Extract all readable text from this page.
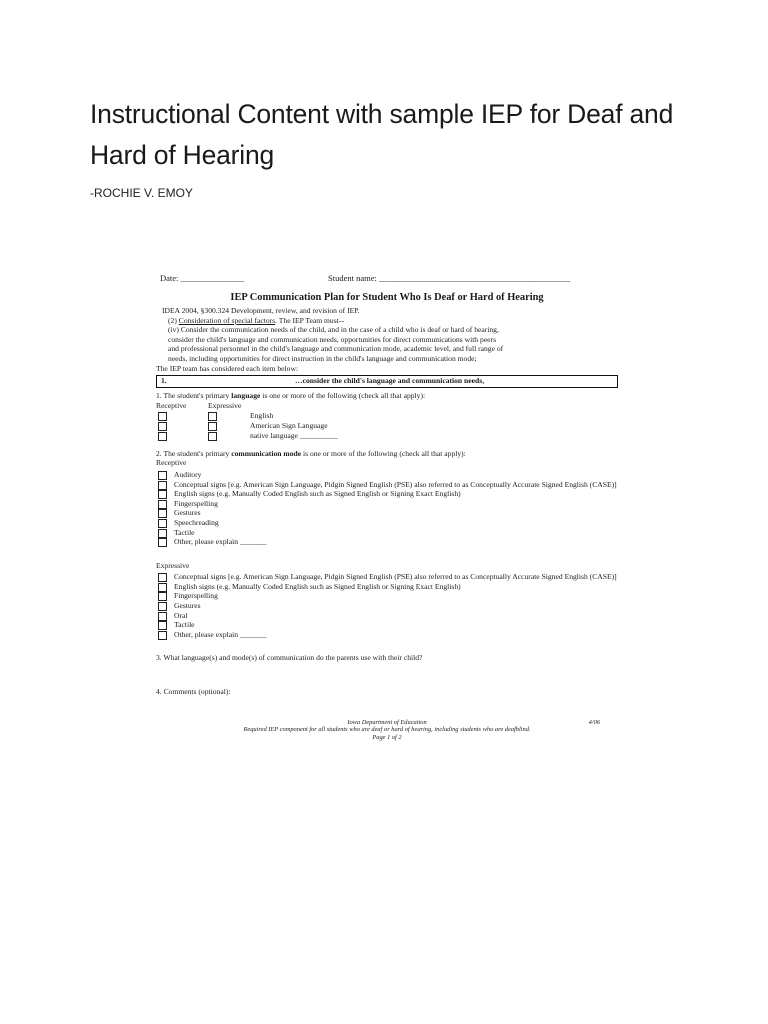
Instructional Content with sample IEP for Deaf and Hard of Hearing
-ROCHIE V. EMOY
Date: _______________	Student name: _____________________________________________
IEP Communication Plan for Student Who Is Deaf or Hard of Hearing

IDEA 2004, §300.324 Development, review, and revision of IEP.

(2) Consideration of special factors. The IEP Team must--

(iv) Consider the communication needs of the child, and in the case of a child who is deaf or hard of hearing,
consider the child's language and communication needs, opportunities for direct communications with peers
and professional personnel in the child's language and communication mode, academic level, and full range of
needs, including opportunities for direct instruction in the child's language and communication mode;

The IEP team has considered each item below:

1.	…consider the child's language and communication needs,

1. The student's primary language is one or more of the following (check all that apply):

Receptive	Expressive
English
American Sign Language
native language __________

2. The student's primary communication mode is one or more of the following (check all that apply):

Receptive

Auditory
Conceptual signs [e.g. American Sign Language, Pidgin Signed English (PSE) also referred to as Conceptually Accurate Signed English (CASE)]
English signs (e.g. Manually Coded English such as Signed English or Signing Exact English)
Fingerspelling
Gestures
Speechreading
Tactile
Other, please explain _______

Expressive

Conceptual signs [e.g. American Sign Language, Pidgin Signed English (PSE) also referred to as Conceptually Accurate Signed English (CASE)]
English signs (e.g. Manually Coded English such as Signed English or Signing Exact English)
Fingerspelling
Gestures
Oral
Tactile
Other, please explain _______

3. What language(s) and mode(s) of communication do the parents use with their child?

4. Comments (optional):

Iowa Department of Education	4/06
Required IEP component for all students who are deaf or hard of hearing, including students who are deafblind.
Page 1 of 2
